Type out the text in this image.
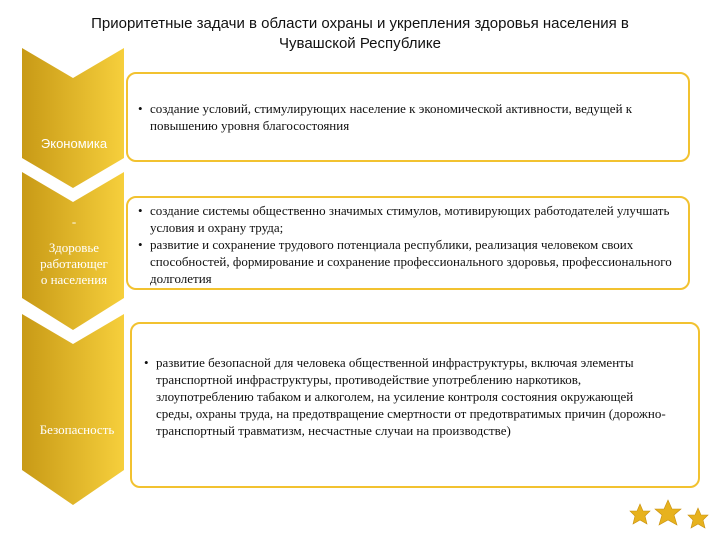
Приоритетные задачи в области охраны и укрепления здоровья населения в
Чувашской Республике
Экономика
-
Здоровье
работающег
о населения
Безопасность
• создание условий, стимулирующих население к экономической активности, ведущей к повышению уровня благосостояния
• создание системы общественно значимых стимулов, мотивирующих работодателей улучшать условия и охрану труда;
• развитие и сохранение трудового потенциала республики, реализация человеком своих способностей, формирование и сохранение профессионального здоровья, профессионального долголетия
• развитие безопасной для человека общественной инфраструктуры, включая элементы транспортной инфраструктуры, противодействие употреблению наркотиков, злоупотреблению табаком и алкоголем, на усиление контроля состояния окружающей среды, охраны труда, на предотвращение смертности от предотвратимых причин (дорожно-транспортный травматизм, несчастные случаи на производстве)
